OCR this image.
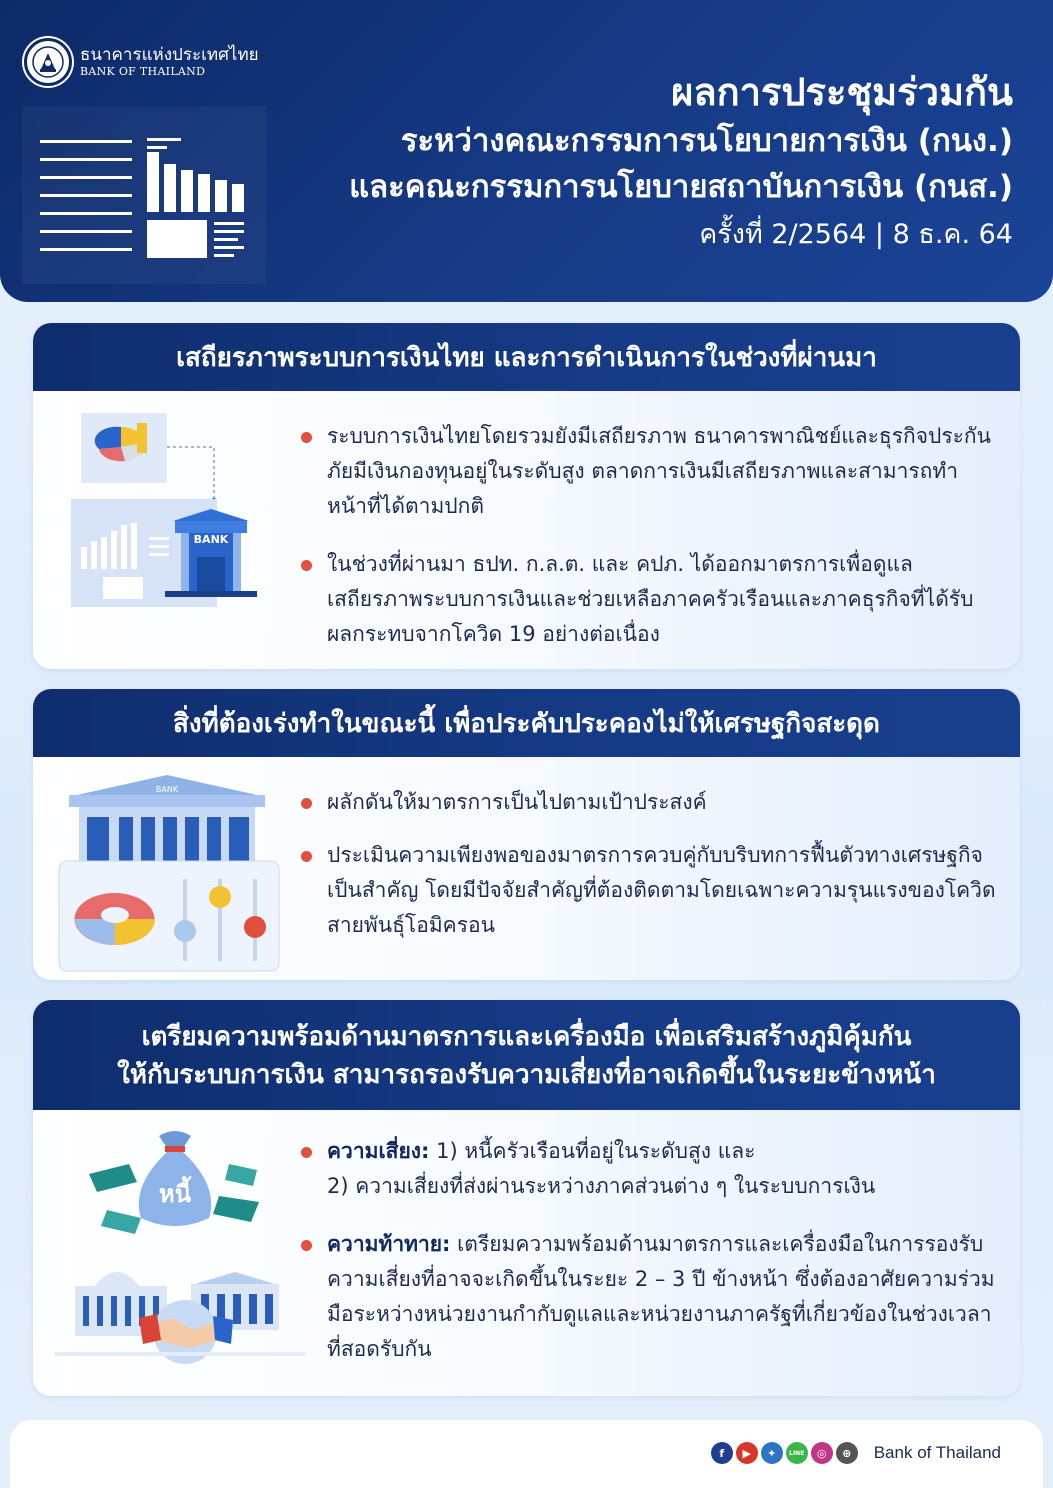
ธนาคารแห่งประเทศไทย
BANK OF THAILAND	ผลการประชุมร่วมกัน
ระหว่างคณะกรรมการนโยบายการเงิน (กนง.)
และคณะกรรมการนโยบายสถาบันการเงิน (กนส.)
ครั้งที่ 2/2564 | 8 ธ.ค. 64
เสถียรภาพระบบการเงินไทย และการดำเนินการในช่วงที่ผ่านมา
BANK
ระบบการเงินไทยโดยรวมยังมีเสถียรภาพ ธนาคารพาณิชย์และธุรกิจประกันภัยมีเงินกองทุนอยู่ในระดับสูง ตลาดการเงินมีเสถียรภาพและสามารถทำหน้าที่ได้ตามปกติ
ในช่วงที่ผ่านมา ธปท. ก.ล.ต. และ คปภ. ได้ออกมาตรการเพื่อดูแลเสถียรภาพระบบการเงินและช่วยเหลือภาคครัวเรือนและภาคธุรกิจที่ได้รับผลกระทบจากโควิด 19 อย่างต่อเนื่อง
สิ่งที่ต้องเร่งทำในขณะนี้ เพื่อประคับประคองไม่ให้เศรษฐกิจสะดุด
BANK
ผลักดันให้มาตรการเป็นไปตามเป้าประสงค์
ประเมินความเพียงพอของมาตรการควบคู่กับบริบทการฟื้นตัวทางเศรษฐกิจเป็นสำคัญ โดยมีปัจจัยสำคัญที่ต้องติดตามโดยเฉพาะความรุนแรงของโควิดสายพันธุ์โอมิครอน
เตรียมความพร้อมด้านมาตรการและเครื่องมือ เพื่อเสริมสร้างภูมิคุ้มกัน
ให้กับระบบการเงิน สามารถรองรับความเสี่ยงที่อาจเกิดขึ้นในระยะข้างหน้า
หนี้
ความเสี่ยง: 1) หนี้ครัวเรือนที่อยู่ในระดับสูง และ
2) ความเสี่ยงที่ส่งผ่านระหว่างภาคส่วนต่าง ๆ ในระบบการเงิน
ความท้าทาย: เตรียมความพร้อมด้านมาตรการและเครื่องมือในการรองรับความเสี่ยงที่อาจจะเกิดขึ้นในระยะ 2 – 3 ปี ข้างหน้า ซึ่งต้องอาศัยความร่วมมือระหว่างหน่วยงานกำกับดูแลและหน่วยงานภาครัฐที่เกี่ยวข้องในช่วงเวลาที่สอดรับกัน
f	▶	✦	LINE	◎	⊕	Bank of Thailand
